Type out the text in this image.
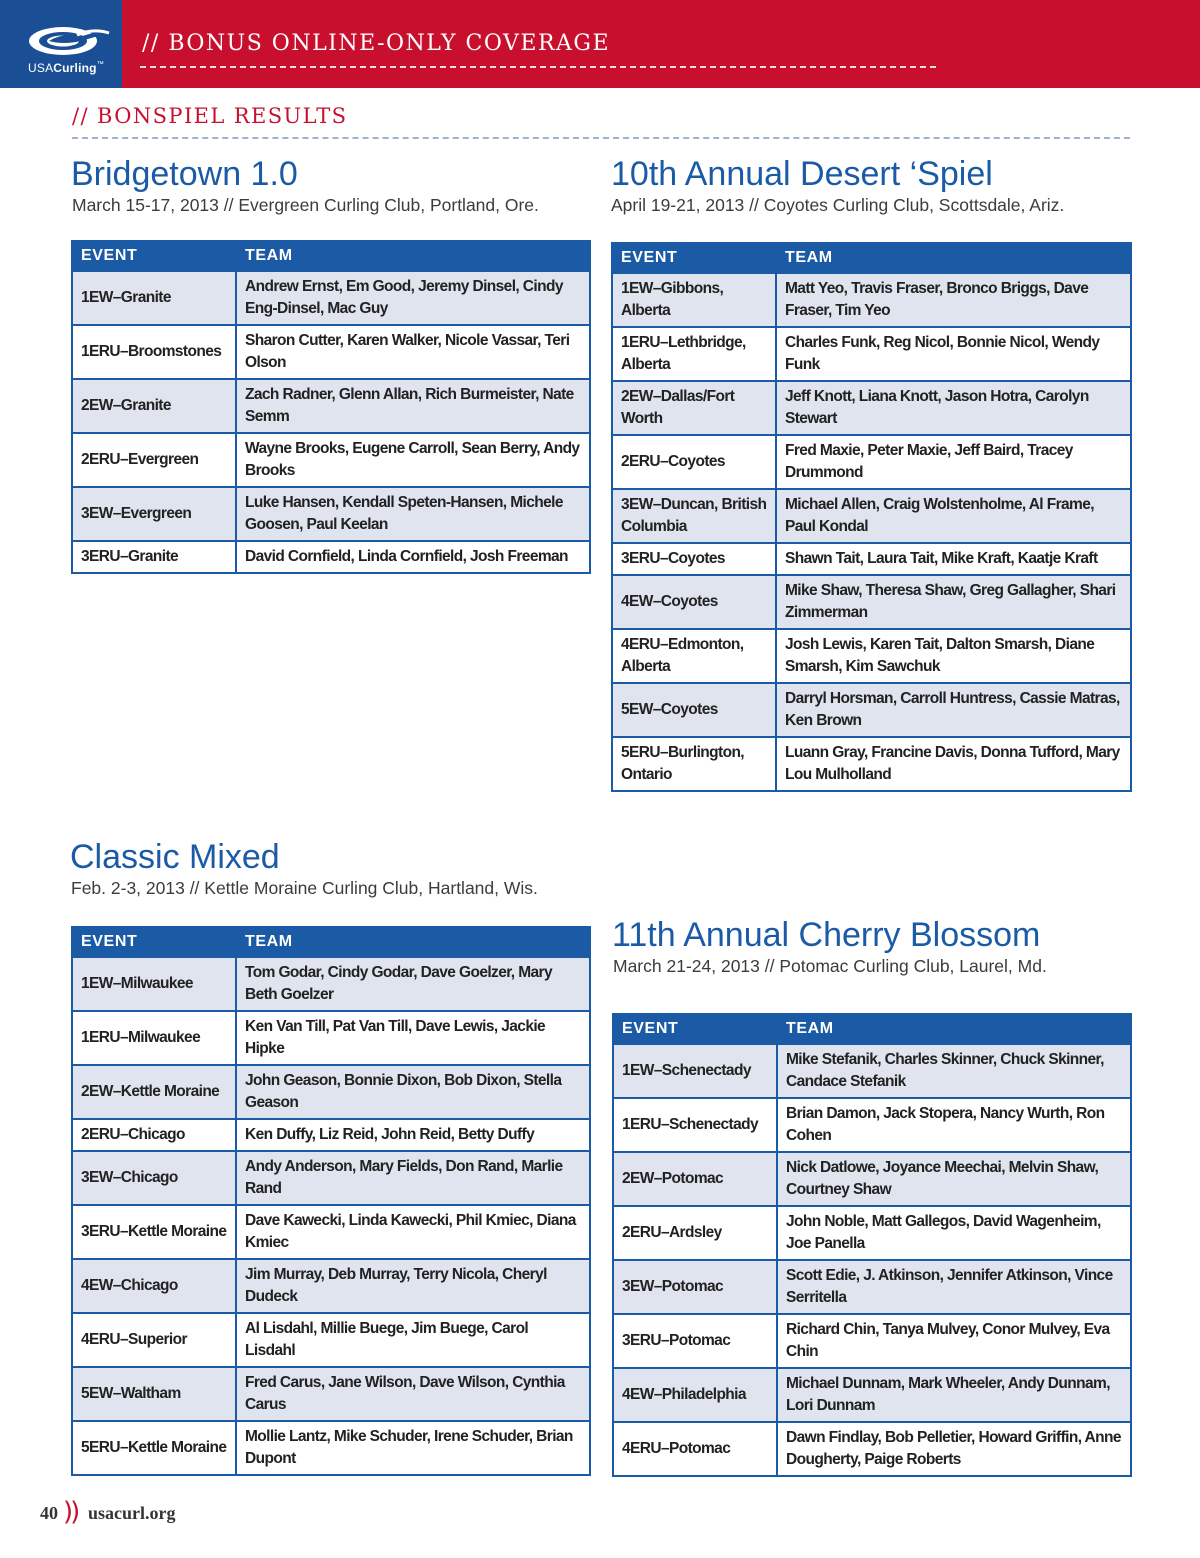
USACurling™
// BONUS ONLINE-ONLY COVERAGE
// BONSPIEL RESULTS
Bridgetown 1.0
March 15-17, 2013 // Evergreen Curling Club, Portland, Ore.
EVENT	TEAM
1EW–Granite	Andrew Ernst, Em Good, Jeremy Dinsel, Cindy Eng-Dinsel, Mac Guy
1ERU–Broomstones	Sharon Cutter, Karen Walker, Nicole Vassar, Teri Olson
2EW–Granite	Zach Radner, Glenn Allan, Rich Burmeister, Nate Semm
2ERU–Evergreen	Wayne Brooks, Eugene Carroll, Sean Berry, Andy Brooks
3EW–Evergreen	Luke Hansen, Kendall Speten-Hansen, Michele Goosen, Paul Keelan
3ERU–Granite	David Cornfield, Linda Cornfield, Josh Freeman
10th Annual Desert ‘Spiel
April 19-21, 2013 // Coyotes Curling Club, Scottsdale, Ariz.
EVENT	TEAM
1EW–Gibbons, Alberta	Matt Yeo, Travis Fraser, Bronco Briggs, Dave Fraser, Tim Yeo
1ERU–Lethbridge, Alberta	Charles Funk, Reg Nicol, Bonnie Nicol, Wendy Funk
2EW–Dallas/Fort Worth	Jeff Knott, Liana Knott, Jason Hotra, Carolyn Stewart
2ERU–Coyotes	Fred Maxie, Peter Maxie, Jeff Baird, Tracey Drummond
3EW–Duncan, British Columbia	Michael Allen, Craig Wolstenholme, Al Frame, Paul Kondal
3ERU–Coyotes	Shawn Tait, Laura Tait, Mike Kraft, Kaatje Kraft
4EW–Coyotes	Mike Shaw, Theresa Shaw, Greg Gallagher, Shari Zimmerman
4ERU–Edmonton, Alberta	Josh Lewis, Karen Tait, Dalton Smarsh, Diane Smarsh, Kim Sawchuk
5EW–Coyotes	Darryl Horsman, Carroll Huntress, Cassie Matras, Ken Brown
5ERU–Burlington, Ontario	Luann Gray, Francine Davis, Donna Tufford, Mary Lou Mulholland
Classic Mixed
Feb. 2-3, 2013 // Kettle Moraine Curling Club, Hartland, Wis.
EVENT	TEAM
1EW–Milwaukee	Tom Godar, Cindy Godar, Dave Goelzer, Mary Beth Goelzer
1ERU–Milwaukee	Ken Van Till, Pat Van Till, Dave Lewis, Jackie Hipke
2EW–Kettle Moraine	John Geason, Bonnie Dixon, Bob Dixon, Stella Geason
2ERU–Chicago	Ken Duffy, Liz Reid, John Reid, Betty Duffy
3EW–Chicago	Andy Anderson, Mary Fields, Don Rand, Marlie Rand
3ERU–Kettle Moraine	Dave Kawecki, Linda Kawecki, Phil Kmiec, Diana Kmiec
4EW–Chicago	Jim Murray, Deb Murray, Terry Nicola, Cheryl Dudeck
4ERU–Superior	Al Lisdahl, Millie Buege, Jim Buege, Carol Lisdahl
5EW–Waltham	Fred Carus, Jane Wilson, Dave Wilson, Cynthia Carus
5ERU–Kettle Moraine	Mollie Lantz, Mike Schuder, Irene Schuder, Brian Dupont
11th Annual Cherry Blossom
March 21-24, 2013 // Potomac Curling Club, Laurel, Md.
EVENT	TEAM
1EW–Schenectady	Mike Stefanik, Charles Skinner, Chuck Skinner, Candace Stefanik
1ERU–Schenectady	Brian Damon, Jack Stopera, Nancy Wurth, Ron Cohen
2EW–Potomac	Nick Datlowe, Joyance Meechai, Melvin Shaw, Courtney Shaw
2ERU–Ardsley	John Noble, Matt Gallegos, David Wagenheim, Joe Panella
3EW–Potomac	Scott Edie, J. Atkinson, Jennifer Atkinson, Vince Serritella
3ERU–Potomac	Richard Chin, Tanya Mulvey, Conor Mulvey, Eva Chin
4EW–Philadelphia	Michael Dunnam, Mark Wheeler, Andy Dunnam, Lori Dunnam
4ERU–Potomac	Dawn Findlay, Bob Pelletier, Howard Griffin, Anne Dougherty, Paige Roberts
40 )) usacurl.org
